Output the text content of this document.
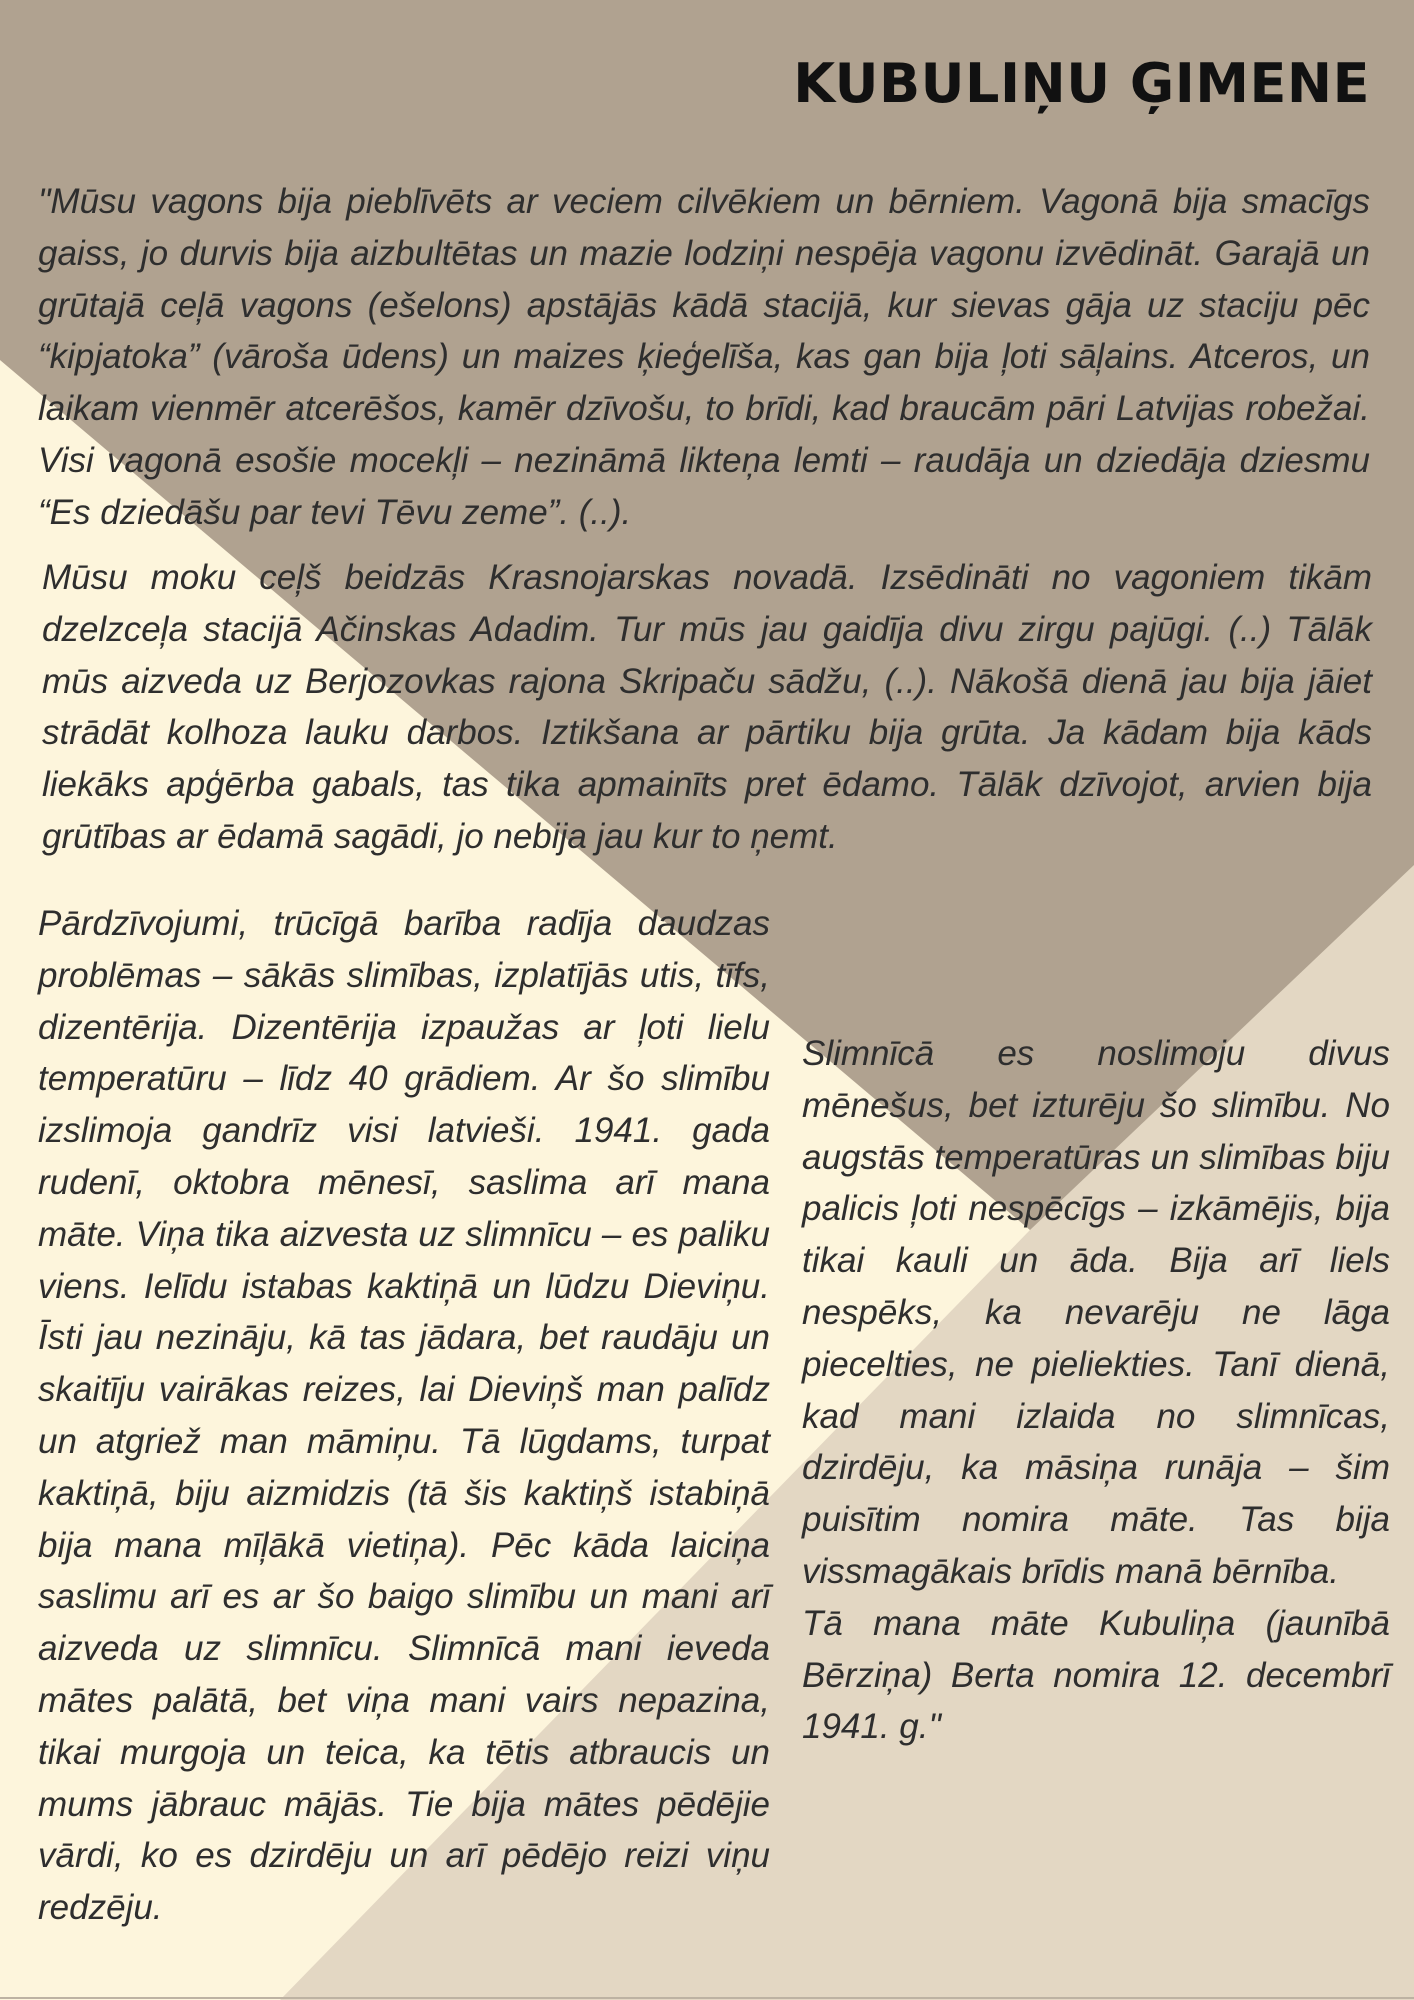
KUBULIŅU ĢIMENE

"Mūsu vagons bija pieblīvēts ar veciem cilvēkiem un bērniem. Vagonā bija smacīgs gaiss, jo durvis bija aizbultētas un mazie lodziņi nespēja vagonu izvēdināt. Garajā un grūtajā ceļā vagons (ešelons) apstājās kādā stacijā, kur sievas gāja uz staciju pēc “kipjatoka” (vāroša ūdens) un maizes ķieģelīša, kas gan bija ļoti sāļains. Atceros, un laikam vienmēr atcerēšos, kamēr dzīvošu, to brīdi, kad braucām pāri Latvijas robežai. Visi vagonā esošie mocekļi – nezināmā likteņa lemti – raudāja un dziedāja dziesmu “Es dziedāšu par tevi Tēvu zeme”. (..).

Mūsu moku ceļš beidzās Krasnojarskas novadā. Izsēdināti no vagoniem tikām dzelzceļa stacijā Ačinskas Adadim. Tur mūs jau gaidīja divu zirgu pajūgi. (..) Tālāk mūs aizveda uz Berjozovkas rajona Skripaču sādžu, (..). Nākošā dienā jau bija jāiet strādāt kolhoza lauku darbos. Iztikšana ar pārtiku bija grūta. Ja kādam bija kāds liekāks apģērba gabals, tas tika apmainīts pret ēdamo. Tālāk dzīvojot, arvien bija grūtības ar ēdamā sagādi, jo nebija jau kur to ņemt.

Pārdzīvojumi, trūcīgā barība radīja daudzas problēmas – sākās slimības, izplatījās utis, tīfs, dizentērija. Dizentērija izpaužas ar ļoti lielu temperatūru – līdz 40 grādiem. Ar šo slimību izslimoja gandrīz visi latvieši. 1941. gada rudenī, oktobra mēnesī, saslima arī mana māte. Viņa tika aizvesta uz slimnīcu – es paliku viens. Ielīdu istabas kaktiņā un lūdzu Dieviņu. Īsti jau nezināju, kā tas jādara, bet raudāju un skaitīju vairākas reizes, lai Dieviņš man palīdz un atgriež man māmiņu. Tā lūgdams, turpat kaktiņā, biju aizmidzis (tā šis kaktiņš istabiņā bija mana mīļākā vietiņa). Pēc kāda laiciņa saslimu arī es ar šo baigo slimību un mani arī aizveda uz slimnīcu. Slimnīcā mani ieveda mātes palātā, bet viņa mani vairs nepazina, tikai murgoja un teica, ka tētis atbraucis un mums jābrauc mājās. Tie bija mātes pēdējie vārdi, ko es dzirdēju un arī pēdējo reizi viņu redzēju.

Slimnīcā es noslimoju divus mēnešus, bet izturēju šo slimību. No augstās temperatūras un slimības biju palicis ļoti nespēcīgs – izkāmējis, bija tikai kauli un āda. Bija arī liels nespēks, ka nevarēju ne lāga piecelties, ne pieliekties. Tanī dienā, kad mani izlaida no slimnīcas, dzirdēju, ka māsiņa runāja – šim puisītim nomira māte. Tas bija vissmagākais brīdis manā bērnība.
Tā mana māte Kubuliņa (jaunībā Bērziņa) Berta nomira 12. decembrī 1941. g."
